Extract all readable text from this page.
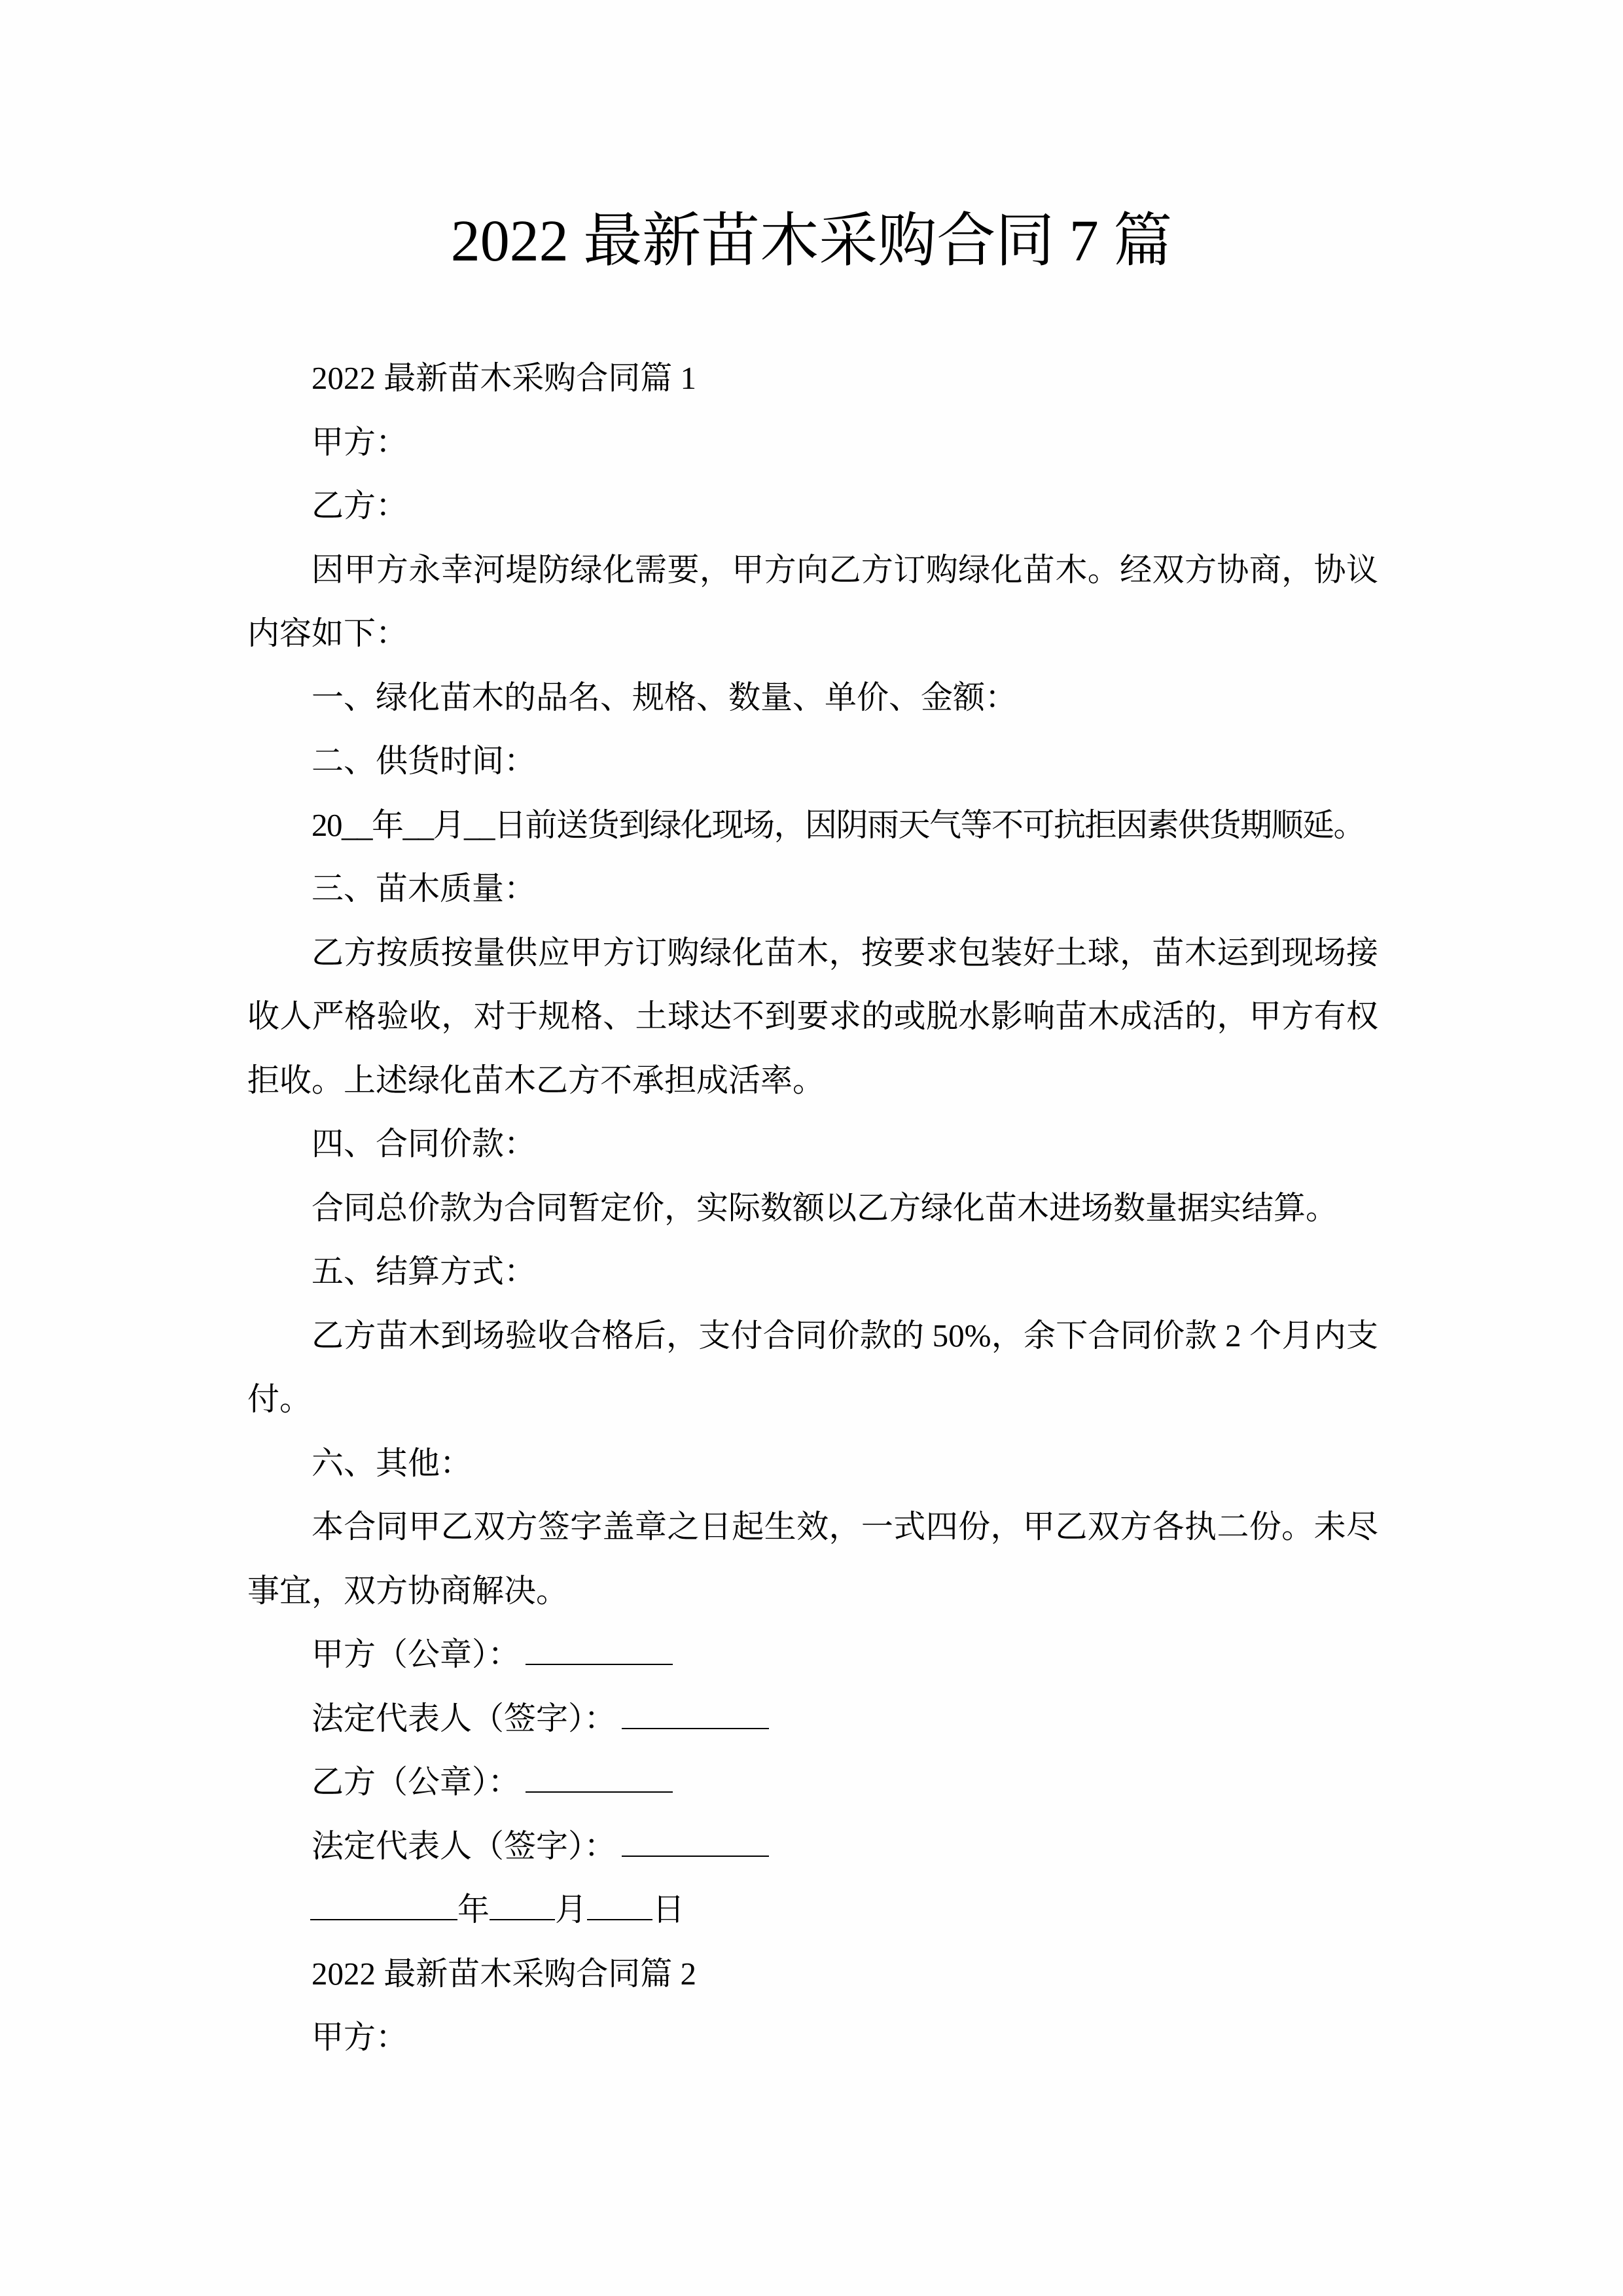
2022 最新苗木采购合同 7 篇

2022 最新苗木采购合同篇 1

甲方：

乙方：

因甲方永幸河堤防绿化需要，甲方向乙方订购绿化苗木。经双方协商，协议内容如下：

一、绿化苗木的品名、规格、数量、单价、金额：

二、供货时间：

20__年__月__日前送货到绿化现场，因阴雨天气等不可抗拒因素供货期顺延。

三、苗木质量：

乙方按质按量供应甲方订购绿化苗木，按要求包装好土球，苗木运到现场接收人严格验收，对于规格、土球达不到要求的或脱水影响苗木成活的，甲方有权拒收。上述绿化苗木乙方不承担成活率。

四、合同价款：

合同总价款为合同暂定价，实际数额以乙方绿化苗木进场数量据实结算。

五、结算方式：

乙方苗木到场验收合格后，支付合同价款的 50%，余下合同价款 2 个月内支付。

六、其他：

本合同甲乙双方签字盖章之日起生效，一式四份，甲乙双方各执二份。未尽事宜，双方协商解决。

甲方（公章）：

法定代表人（签字）：

乙方（公章）：

法定代表人（签字）：

年 月 日

2022 最新苗木采购合同篇 2

甲方：
